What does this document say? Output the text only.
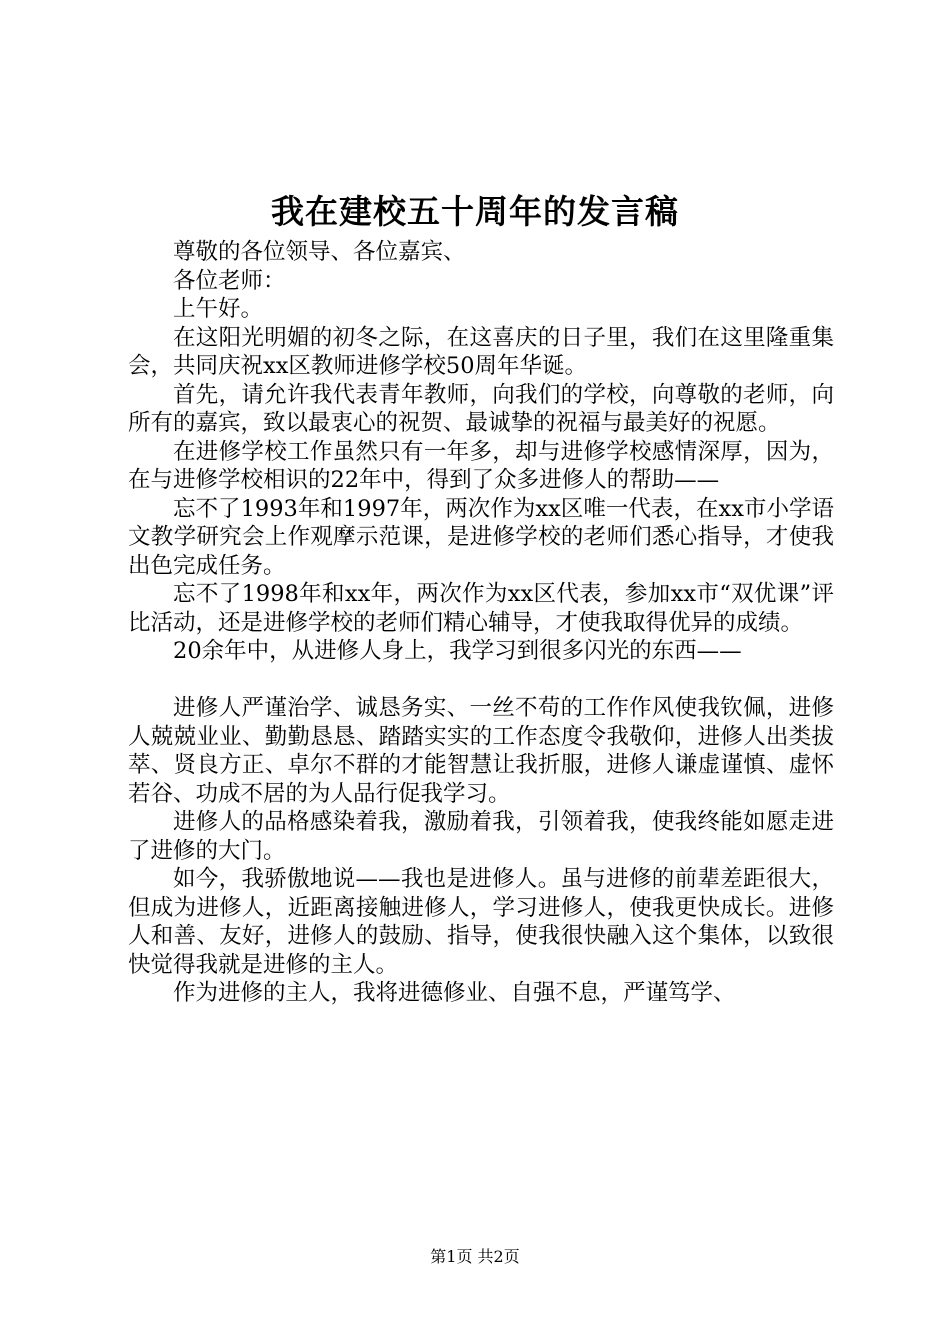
我在建校五十周年的发言稿

尊敬的各位领导、各位嘉宾、

各位老师：

上午好。

在这阳光明媚的初冬之际，在这喜庆的日子里，我们在这里隆重集会，共同庆祝xx区教师进修学校50周年华诞。

首先，请允许我代表青年教师，向我们的学校，向尊敬的老师，向所有的嘉宾，致以最衷心的祝贺、最诚挚的祝福与最美好的祝愿。

在进修学校工作虽然只有一年多，却与进修学校感情深厚，因为，在与进修学校相识的22年中，得到了众多进修人的帮助——

忘不了1993年和1997年，两次作为xx区唯一代表，在xx市小学语文教学研究会上作观摩示范课，是进修学校的老师们悉心指导，才使我出色完成任务。

忘不了1998年和xx年，两次作为xx区代表，参加xx市“双优课”评比活动，还是进修学校的老师们精心辅导，才使我取得优异的成绩。

20余年中，从进修人身上，我学习到很多闪光的东西——

进修人严谨治学、诚恳务实、一丝不苟的工作作风使我钦佩，进修人兢兢业业、勤勤恳恳、踏踏实实的工作态度令我敬仰，进修人出类拔萃、贤良方正、卓尔不群的才能智慧让我折服，进修人谦虚谨慎、虚怀若谷、功成不居的为人品行促我学习。

进修人的品格感染着我，激励着我，引领着我，使我终能如愿走进了进修的大门。

如今，我骄傲地说——我也是进修人。虽与进修的前辈差距很大，但成为进修人，近距离接触进修人，学习进修人，使我更快成长。进修人和善、友好，进修人的鼓励、指导，使我很快融入这个集体，以致很快觉得我就是进修的主人。

作为进修的主人，我将进德修业、自强不息，严谨笃学、

第1页 共2页
